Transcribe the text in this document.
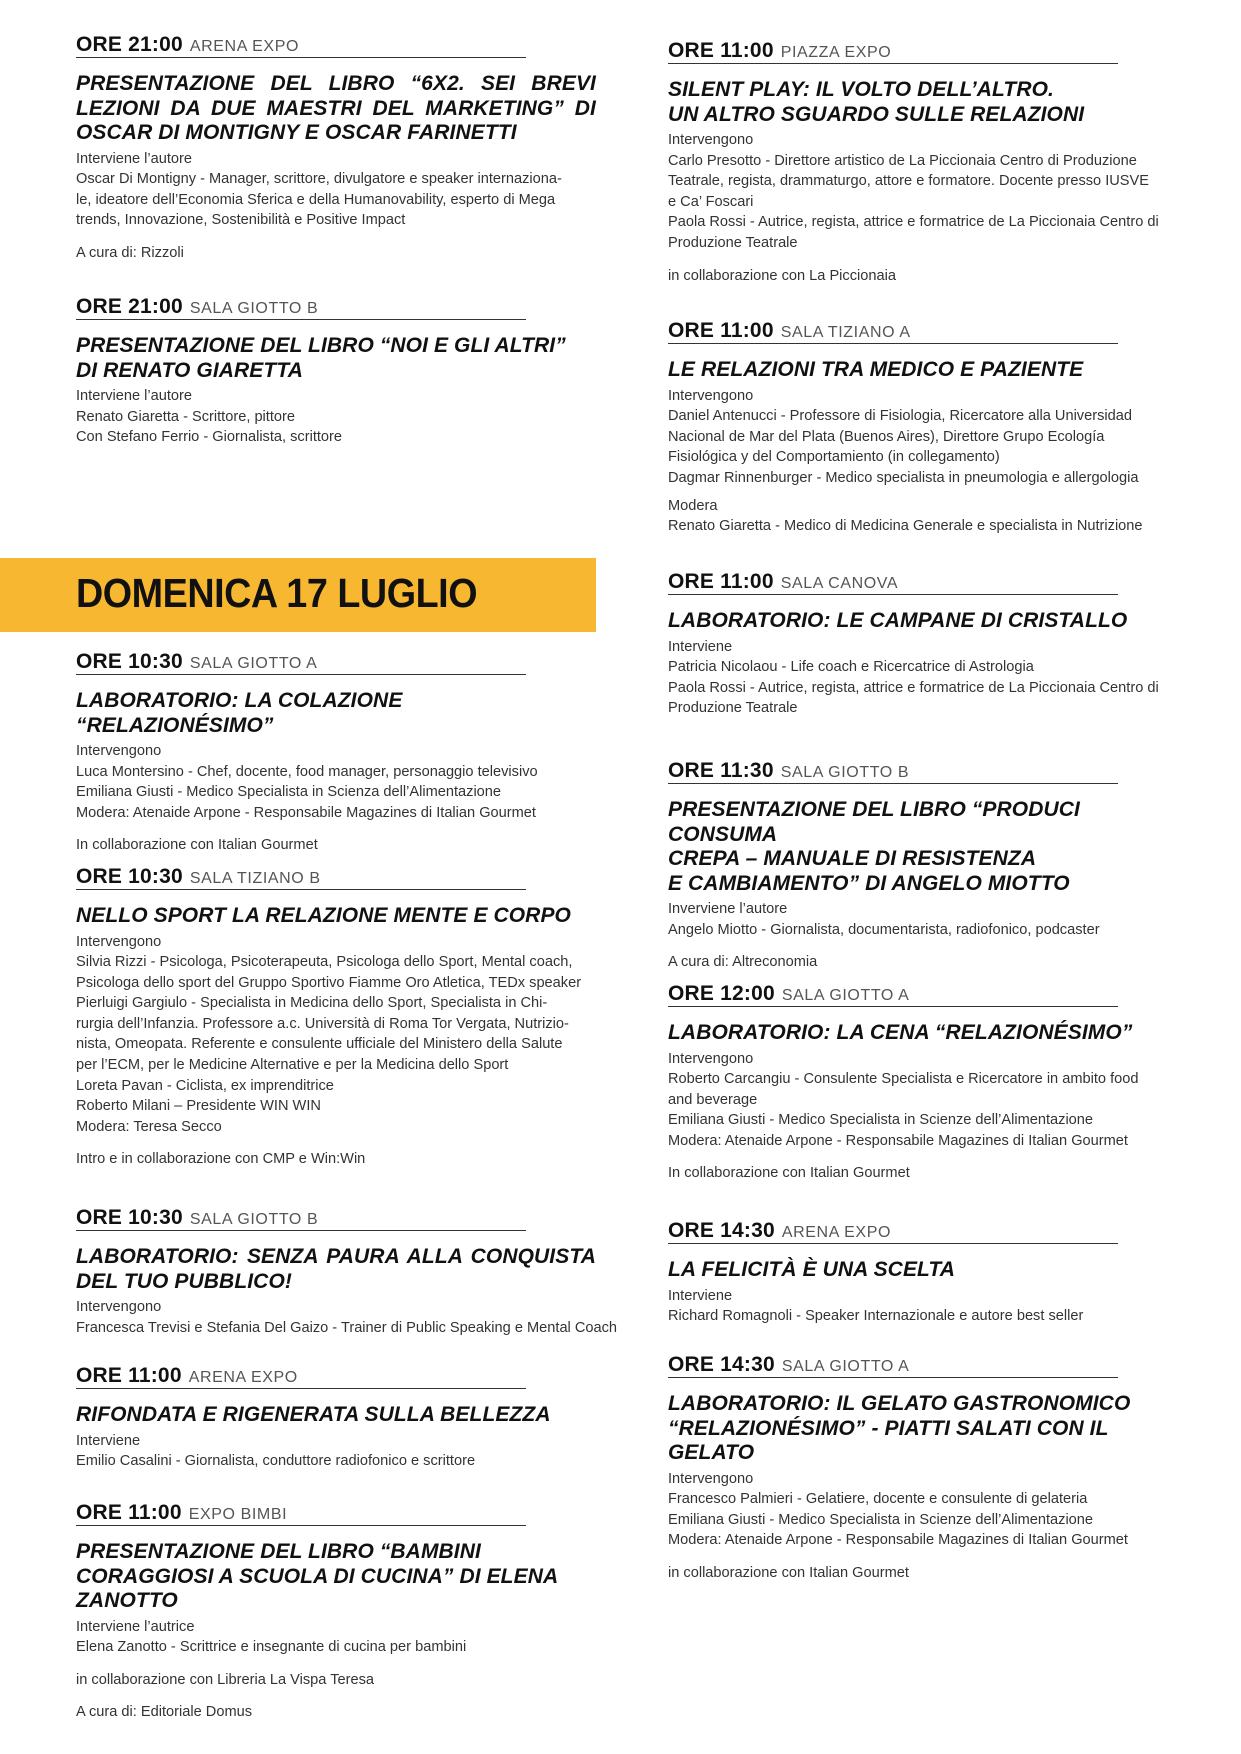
DOMENICA 17 LUGLIO
ORE 21:00 ARENA EXPO
PRESENTAZIONE DEL LIBRO “6X2. SEI BREVI
LEZIONI DA DUE MAESTRI DEL MARKETING” DI
OSCAR DI MONTIGNY E OSCAR FARINETTI
Interviene l’autore
Oscar Di Montigny - Manager, scrittore, divulgatore e speaker internaziona-
le, ideatore dell’Economia Sferica e della Humanovability, esperto di Mega
trends, Innovazione, Sostenibilità e Positive Impact
A cura di: Rizzoli
ORE 21:00 SALA GIOTTO B
PRESENTAZIONE DEL LIBRO “NOI E GLI ALTRI”
DI RENATO GIARETTA
Interviene l’autore
Renato Giaretta - Scrittore, pittore
Con Stefano Ferrio - Giornalista, scrittore
ORE 10:30 SALA GIOTTO A
LABORATORIO: LA COLAZIONE “RELAZIONÉSIMO”
Intervengono
Luca Montersino - Chef, docente, food manager, personaggio televisivo
Emiliana Giusti - Medico Specialista in Scienza dell’Alimentazione
Modera: Atenaide Arpone - Responsabile Magazines di Italian Gourmet
In collaborazione con Italian Gourmet
ORE 10:30 SALA TIZIANO B
NELLO SPORT LA RELAZIONE MENTE E CORPO
Intervengono
Silvia Rizzi - Psicologa, Psicoterapeuta, Psicologa dello Sport, Mental coach,
Psicologa dello sport del Gruppo Sportivo Fiamme Oro Atletica, TEDx speaker
Pierluigi Gargiulo - Specialista in Medicina dello Sport, Specialista in Chi-
rurgia dell’Infanzia. Professore a.c. Università di Roma Tor Vergata, Nutrizio-
nista, Omeopata. Referente e consulente ufficiale del Ministero della Salute
per l’ECM, per le Medicine Alternative e per la Medicina dello Sport
Loreta Pavan - Ciclista, ex imprenditrice
Roberto Milani – Presidente WIN WIN
Modera: Teresa Secco
Intro e in collaborazione con CMP e Win:Win
ORE 10:30 SALA GIOTTO B
LABORATORIO: SENZA PAURA ALLA CONQUISTA
DEL TUO PUBBLICO!
Intervengono
Francesca Trevisi e Stefania Del Gaizo - Trainer di Public Speaking e Mental Coach
ORE 11:00 ARENA EXPO
RIFONDATA E RIGENERATA SULLA BELLEZZA
Interviene
Emilio Casalini - Giornalista, conduttore radiofonico e scrittore
ORE 11:00 EXPO BIMBI
PRESENTAZIONE DEL LIBRO “BAMBINI
CORAGGIOSI A SCUOLA DI CUCINA” DI ELENA ZANOTTO
Interviene l’autrice
Elena Zanotto - Scrittrice e insegnante di cucina per bambini
in collaborazione con Libreria La Vispa Teresa
A cura di: Editoriale Domus
ORE 11:00 PIAZZA EXPO
SILENT PLAY: IL VOLTO DELL’ALTRO.
UN ALTRO SGUARDO SULLE RELAZIONI
Intervengono
Carlo Presotto - Direttore artistico de La Piccionaia Centro di Produzione
Teatrale, regista, drammaturgo, attore e formatore. Docente presso IUSVE
e Ca’ Foscari
Paola Rossi - Autrice, regista, attrice e formatrice de La Piccionaia Centro di
Produzione Teatrale
in collaborazione con La Piccionaia
ORE 11:00 SALA TIZIANO A
LE RELAZIONI TRA MEDICO E PAZIENTE
Intervengono
Daniel Antenucci - Professore di Fisiologia, Ricercatore alla Universidad
Nacional de Mar del Plata (Buenos Aires), Direttore Grupo Ecología
Fisiológica y del Comportamiento (in collegamento)
Dagmar Rinnenburger - Medico specialista in pneumologia e allergologia
Modera
Renato Giaretta - Medico di Medicina Generale e specialista in Nutrizione
ORE 11:00 SALA CANOVA
LABORATORIO: LE CAMPANE DI CRISTALLO
Interviene
Patricia Nicolaou - Life coach e Ricercatrice di Astrologia
Paola Rossi - Autrice, regista, attrice e formatrice de La Piccionaia Centro di
Produzione Teatrale
ORE 11:30 SALA GIOTTO B
PRESENTAZIONE DEL LIBRO “PRODUCI CONSUMA
CREPA – MANUALE DI RESISTENZA
E CAMBIAMENTO” DI ANGELO MIOTTO
Inverviene l’autore
Angelo Miotto - Giornalista, documentarista, radiofonico, podcaster
A cura di: Altreconomia
ORE 12:00 SALA GIOTTO A
LABORATORIO: LA CENA “RELAZIONÉSIMO”
Intervengono
Roberto Carcangiu - Consulente Specialista e Ricercatore in ambito food
and beverage
Emiliana Giusti - Medico Specialista in Scienze dell’Alimentazione
Modera: Atenaide Arpone - Responsabile Magazines di Italian Gourmet
In collaborazione con Italian Gourmet
ORE 14:30 ARENA EXPO
LA FELICITÀ È UNA SCELTA
Interviene
Richard Romagnoli - Speaker Internazionale e autore best seller
ORE 14:30 SALA GIOTTO A
LABORATORIO: IL GELATO GASTRONOMICO
“RELAZIONÉSIMO” - PIATTI SALATI CON IL GELATO
Intervengono
Francesco Palmieri - Gelatiere, docente e consulente di gelateria
Emiliana Giusti - Medico Specialista in Scienze dell’Alimentazione
Modera: Atenaide Arpone - Responsabile Magazines di Italian Gourmet
in collaborazione con Italian Gourmet
